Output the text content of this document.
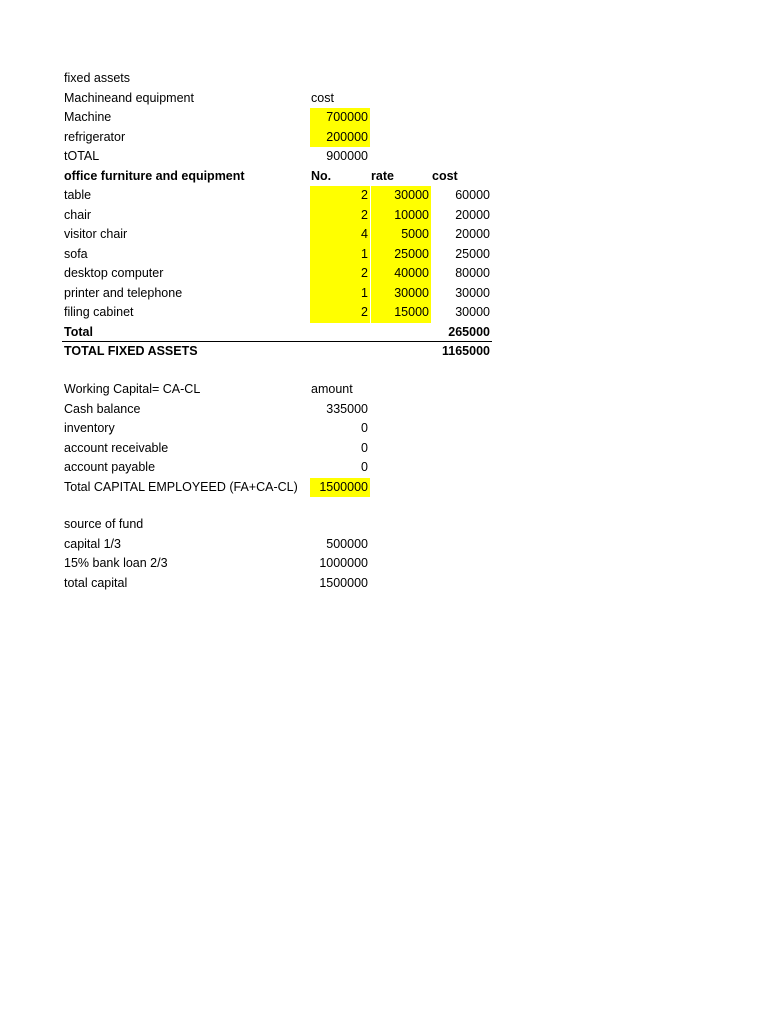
fixed assets
Machineand equipment	cost
Machine	700000
refrigerator	200000
tOTAL	900000
office furniture and equipment	No.	rate	cost
table	2	30000	60000
chair	2	10000	20000
visitor chair	4	5000	20000
sofa	1	25000	25000
desktop computer	2	40000	80000
printer and telephone	1	30000	30000
filing cabinet	2	15000	30000
Total	265000
TOTAL FIXED ASSETS	1165000
Working Capital= CA-CL	amount
Cash balance	335000
inventory	0
account receivable	0
account payable	0
Total CAPITAL EMPLOYEED (FA+CA-CL)	1500000
source of fund
capital 1/3	500000
15% bank loan 2/3	1000000
total capital	1500000
